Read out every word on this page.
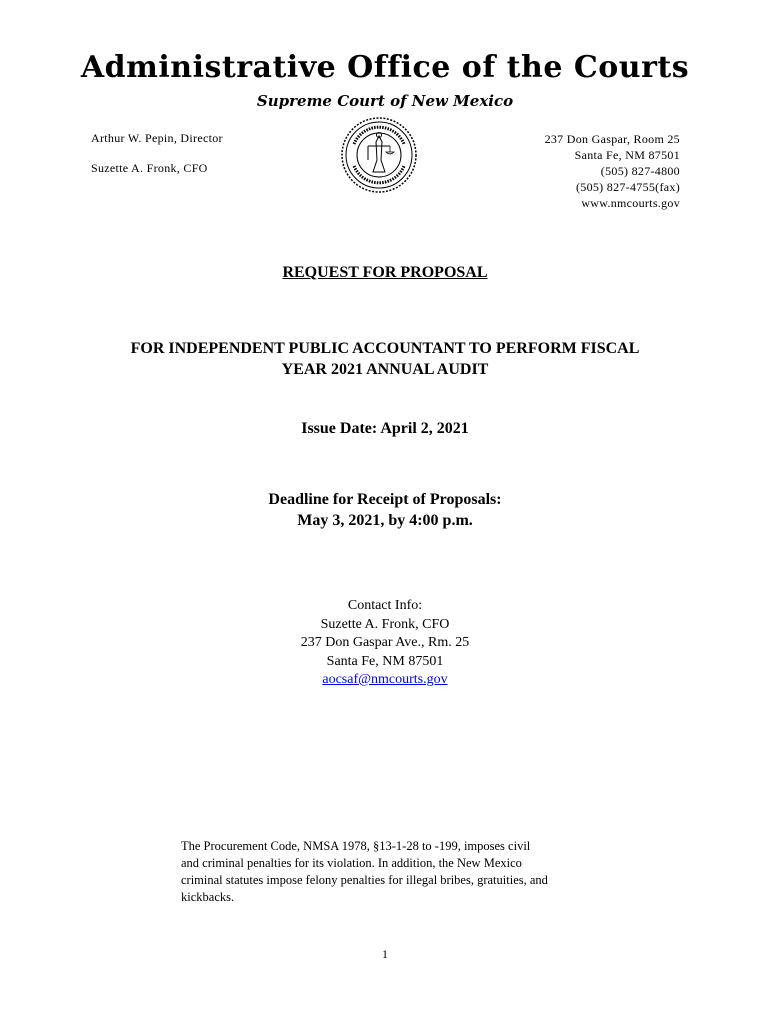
Administrative Office of the Courts
Supreme Court of New Mexico
Arthur W. Pepin, Director
Suzette A. Fronk, CFO
237 Don Gaspar, Room 25
Santa Fe, NM 87501
(505) 827-4800
(505) 827-4755(fax)
www.nmcourts.gov
REQUEST FOR PROPOSAL
FOR INDEPENDENT PUBLIC ACCOUNTANT TO PERFORM FISCAL
YEAR 2021 ANNUAL AUDIT
Issue Date: April 2, 2021
Deadline for Receipt of Proposals:
May 3, 2021, by 4:00 p.m.
Contact Info:
Suzette A. Fronk, CFO
237 Don Gaspar Ave., Rm. 25
Santa Fe, NM 87501
aocsaf@nmcourts.gov
The Procurement Code, NMSA 1978, §13-1-28 to -199, imposes civil
and criminal penalties for its violation. In addition, the New Mexico
criminal statutes impose felony penalties for illegal bribes, gratuities, and
kickbacks.
1
